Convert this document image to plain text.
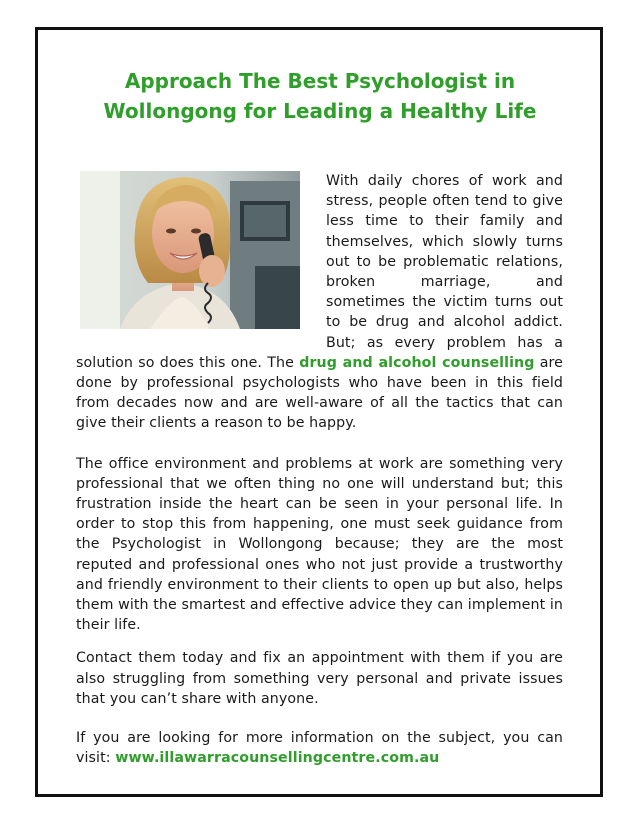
Approach The Best Psychologist in Wollongong for Leading a Healthy Life

With daily chores of work and stress, people often tend to give less time to their family and themselves, which slowly turns out to be problematic relations, broken marriage, and sometimes the victim turns out to be drug and alcohol addict. But; as every problem has a solution so does this one. The drug and alcohol counselling are done by professional psychologists who have been in this field from decades now and are well-aware of all the tactics that can give their clients a reason to be happy.

The office environment and problems at work are something very professional that we often thing no one will understand but; this frustration inside the heart can be seen in your personal life. In order to stop this from happening, one must seek guidance from the Psychologist in Wollongong because; they are the most reputed and professional ones who not just provide a trustworthy and friendly environment to their clients to open up but also, helps them with the smartest and effective advice they can implement in their life.

Contact them today and fix an appointment with them if you are also struggling from something very personal and private issues that you can’t share with anyone.

If you are looking for more information on the subject, you can visit: www.illawarracounsellingcentre.com.au
